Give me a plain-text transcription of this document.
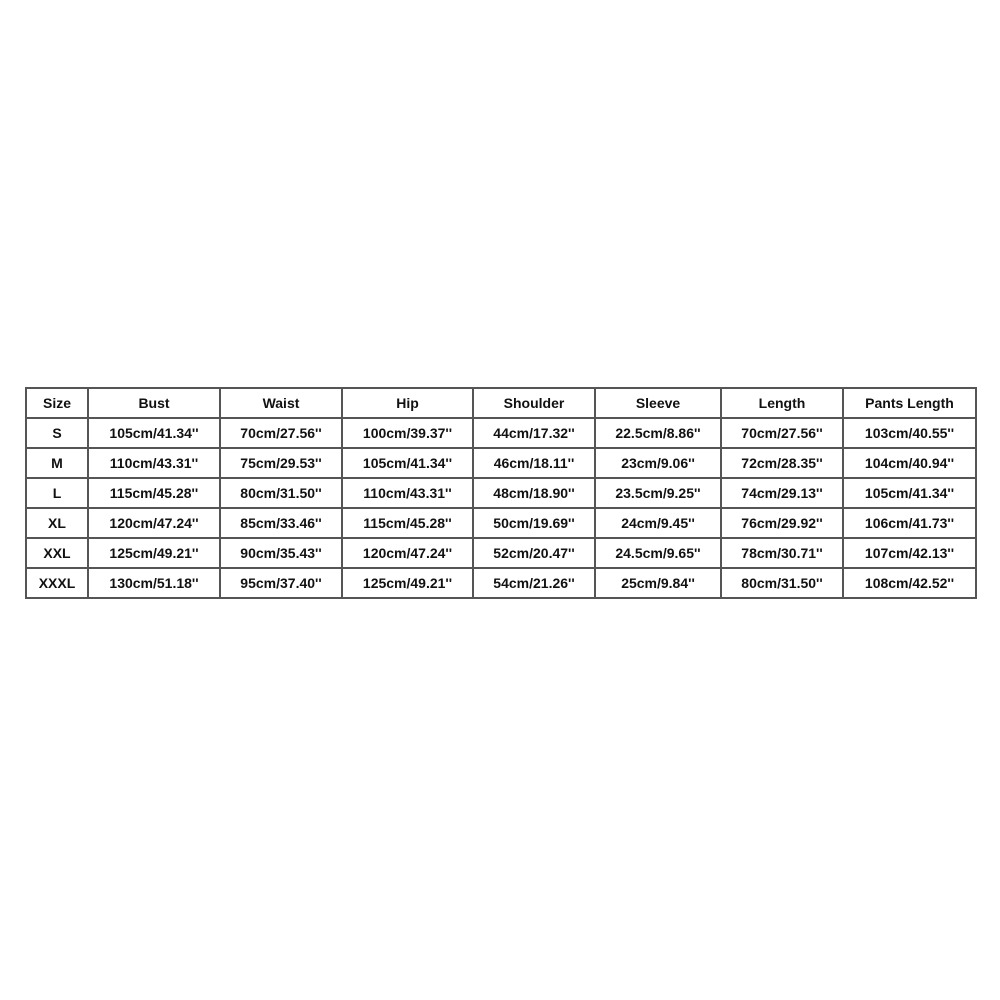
Size	Bust	Waist	Hip	Shoulder	Sleeve	Length	Pants Length
S	105cm/41.34''	70cm/27.56''	100cm/39.37''	44cm/17.32''	22.5cm/8.86''	70cm/27.56''	103cm/40.55''
M	110cm/43.31''	75cm/29.53''	105cm/41.34''	46cm/18.11''	23cm/9.06''	72cm/28.35''	104cm/40.94''
L	115cm/45.28''	80cm/31.50''	110cm/43.31''	48cm/18.90''	23.5cm/9.25''	74cm/29.13''	105cm/41.34''
XL	120cm/47.24''	85cm/33.46''	115cm/45.28''	50cm/19.69''	24cm/9.45''	76cm/29.92''	106cm/41.73''
XXL	125cm/49.21''	90cm/35.43''	120cm/47.24''	52cm/20.47''	24.5cm/9.65''	78cm/30.71''	107cm/42.13''
XXXL	130cm/51.18''	95cm/37.40''	125cm/49.21''	54cm/21.26''	25cm/9.84''	80cm/31.50''	108cm/42.52''
